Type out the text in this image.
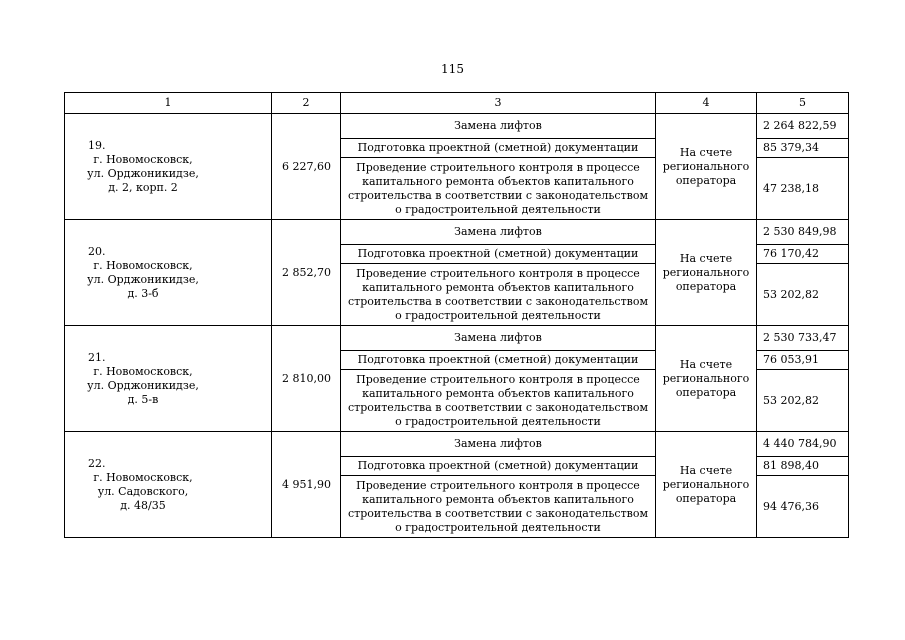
115
1	2	3	4	5
19.г. Новомосковск,
ул. Орджоникидзе,
д. 2, корп. 2	6 227,60	Замена лифтов	На счете
регионального
оператора	2 264 822,59
		Подготовка проектной (сметной) документации		85 379,34
		Проведение строительного контроля в процессе капитального ремонта объектов капитального строительства в соответствии с законодательством о градостроительной деятельности		47 238,18
20.г. Новомосковск,
ул. Орджоникидзе,
д. 3-б	2 852,70	Замена лифтов	На счете
регионального
оператора	2 530 849,98
		Подготовка проектной (сметной) документации		76 170,42
		Проведение строительного контроля в процессе капитального ремонта объектов капитального строительства в соответствии с законодательством о градостроительной деятельности		53 202,82
21.г. Новомосковск,
ул. Орджоникидзе,
д. 5-в	2 810,00	Замена лифтов	На счете
регионального
оператора	2 530 733,47
		Подготовка проектной (сметной) документации		76 053,91
		Проведение строительного контроля в процессе капитального ремонта объектов капитального строительства в соответствии с законодательством о градостроительной деятельности		53 202,82
22.г. Новомосковск,
ул. Садовского,
д. 48/35	4 951,90	Замена лифтов	На счете
регионального
оператора	4 440 784,90
		Подготовка проектной (сметной) документации		81 898,40
		Проведение строительного контроля в процессе капитального ремонта объектов капитального строительства в соответствии с законодательством о градостроительной деятельности		94 476,36
